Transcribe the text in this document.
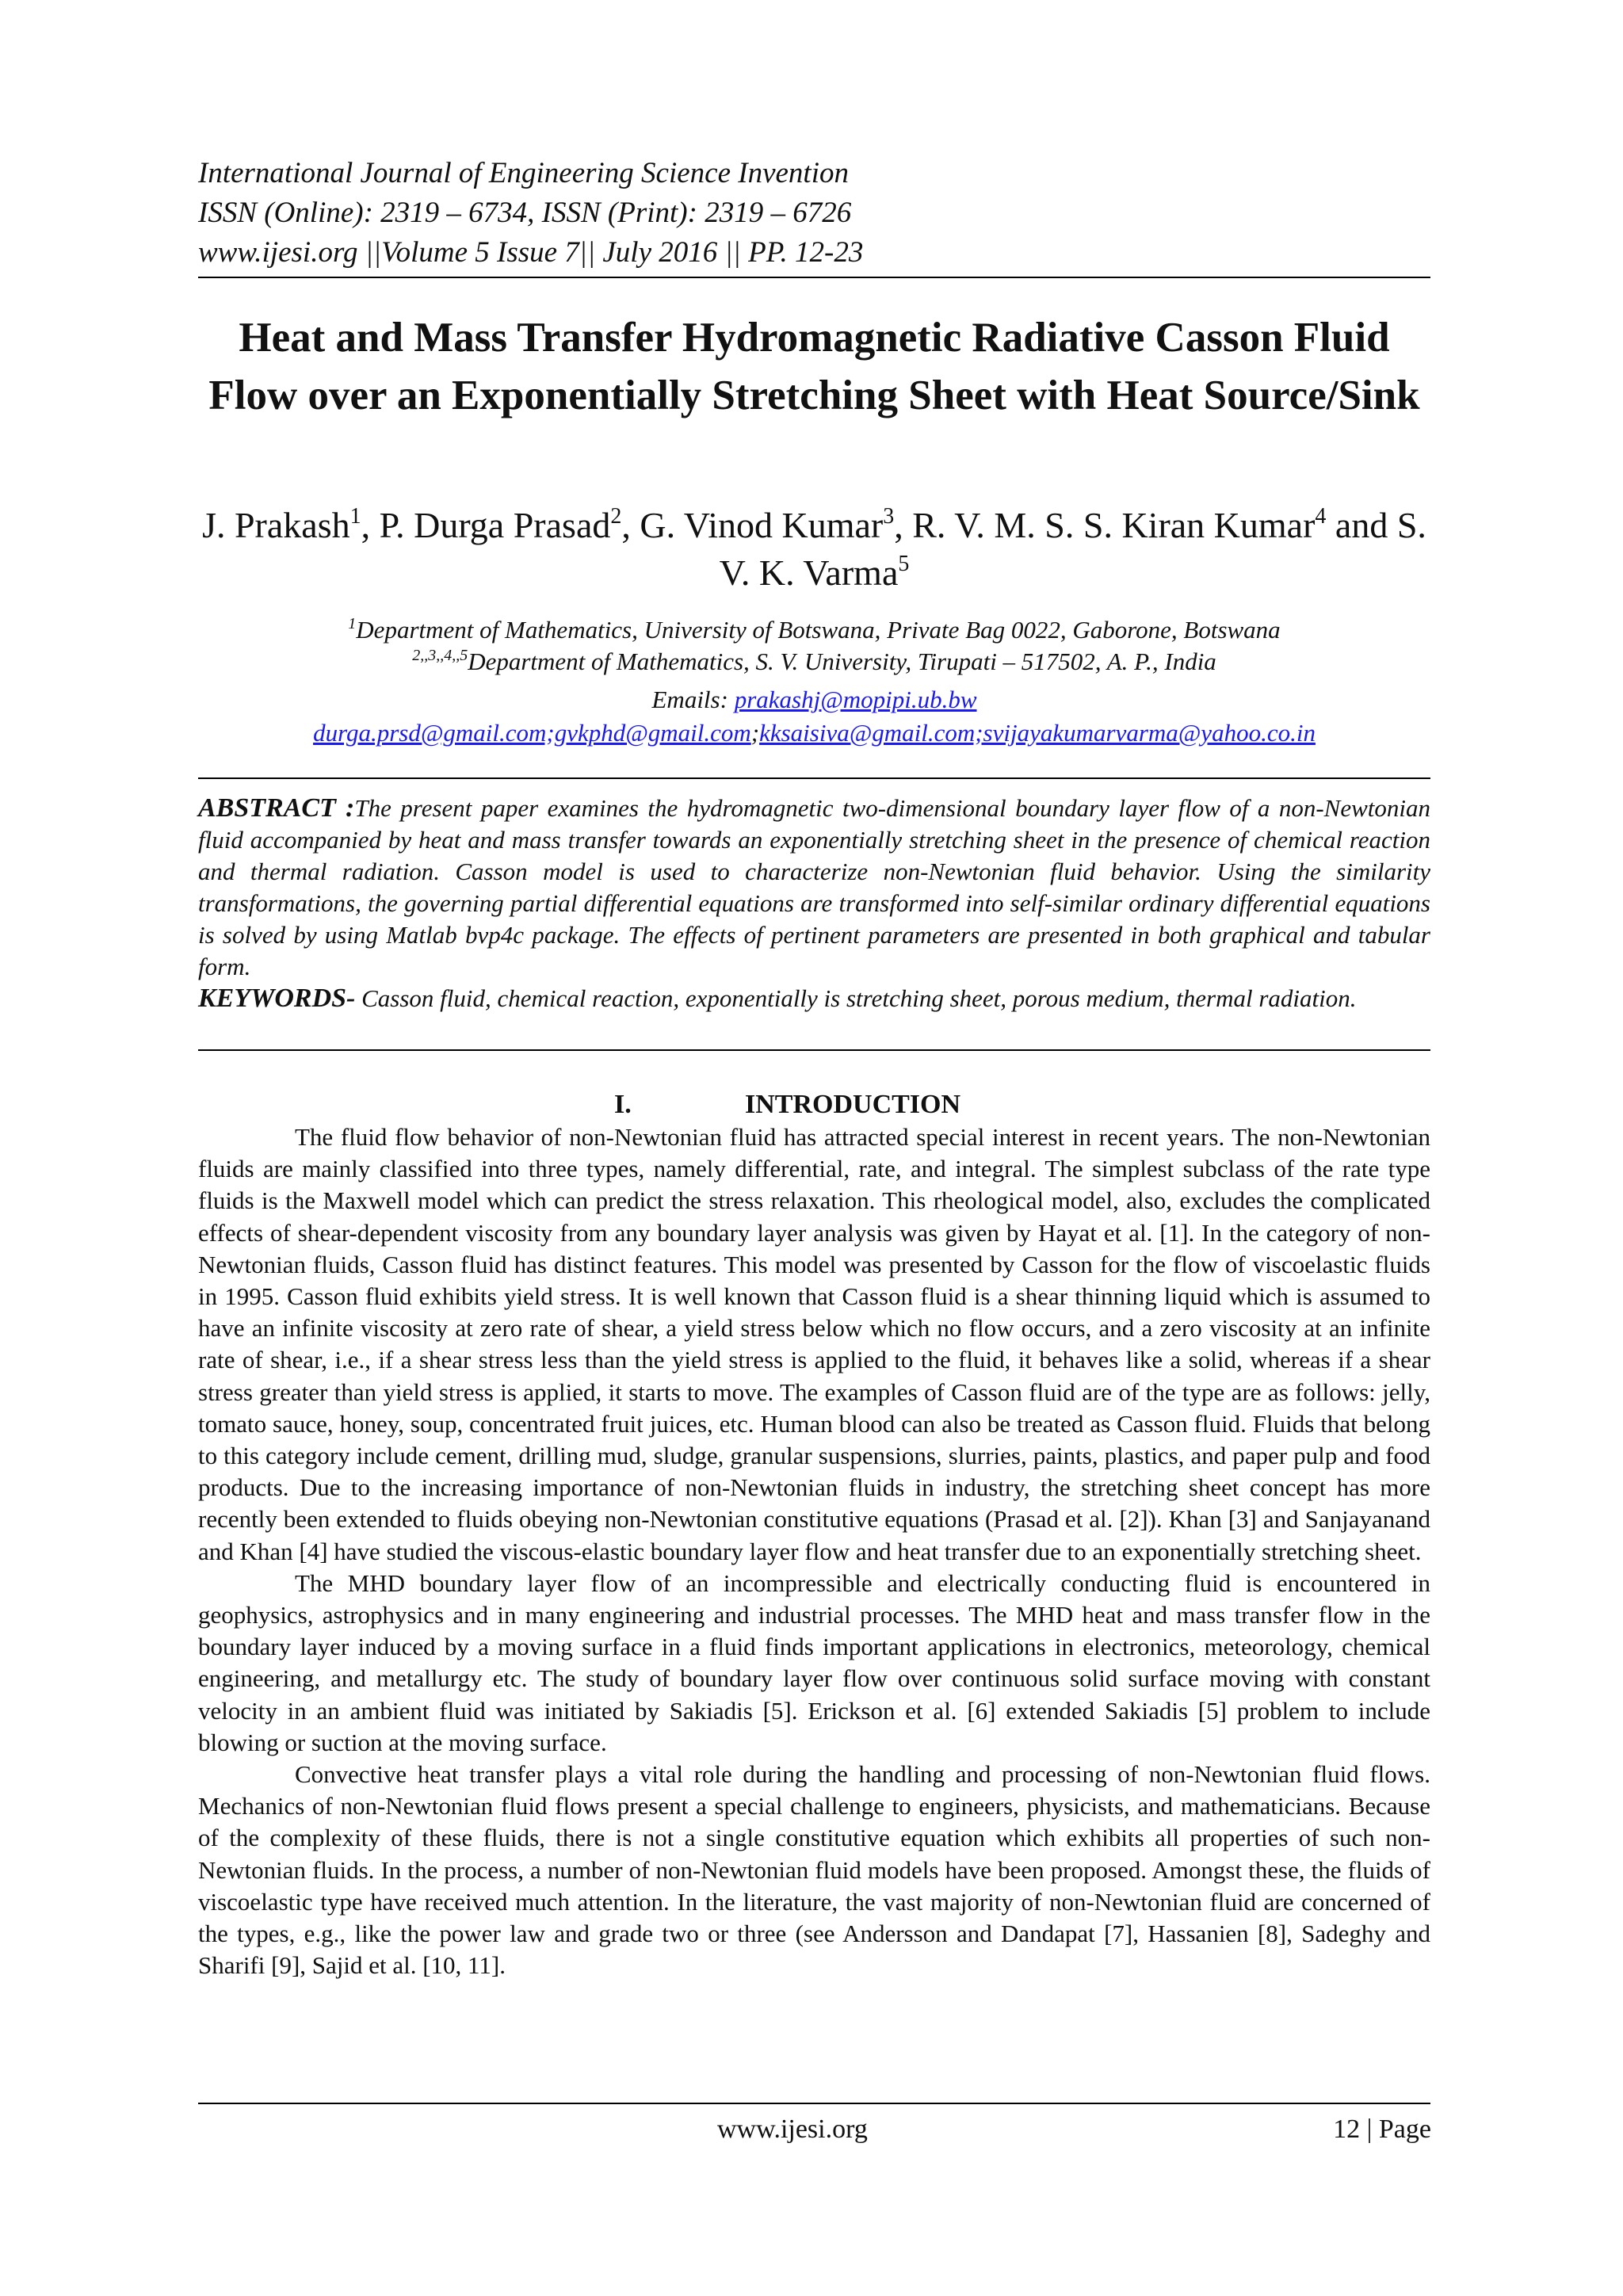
International Journal of Engineering Science Invention
ISSN (Online): 2319 – 6734, ISSN (Print): 2319 – 6726
www.ijesi.org ||Volume 5 Issue 7|| July 2016 || PP. 12-23
Heat and Mass Transfer Hydromagnetic Radiative Casson Fluid Flow over an Exponentially Stretching Sheet with Heat Source/Sink
J. Prakash$^1$, P. Durga Prasad$^2$, G. Vinod Kumar$^3$, R. V. M. S. S. Kiran Kumar$^4$ and S. V. K. Varma$^5$
$^1$Department of Mathematics, University of Botswana, Private Bag 0022, Gaborone, Botswana
$^{2,,3,,4,,5}$Department of Mathematics, S. V. University, Tirupati – 517502, A. P., India
Emails: prakashj@mopipi.ub.bw
durga.prsd@gmail.com;gvkphd@gmail.com;kksaisiva@gmail.com;svijayakumarvarma@yahoo.co.in

ABSTRACT :The present paper examines the hydromagnetic two-dimensional boundary layer flow of a non-Newtonian fluid accompanied by heat and mass transfer towards an exponentially stretching sheet in the presence of chemical reaction and thermal radiation. Casson model is used to characterize non-Newtonian fluid behavior. Using the similarity transformations, the governing partial differential equations are transformed into self-similar ordinary differential equations is solved by using Matlab bvp4c package. The effects of pertinent parameters are presented in both graphical and tabular form.

KEYWORDS- Casson fluid, chemical reaction, exponentially is stretching sheet, porous medium, thermal radiation.

I.	INTRODUCTION

The fluid flow behavior of non-Newtonian fluid has attracted special interest in recent years. The non-Newtonian fluids are mainly classified into three types, namely differential, rate, and integral. The simplest subclass of the rate type fluids is the Maxwell model which can predict the stress relaxation. This rheological model, also, excludes the complicated effects of shear-dependent viscosity from any boundary layer analysis was given by Hayat et al. [1]. In the category of non-Newtonian fluids, Casson fluid has distinct features. This model was presented by Casson for the flow of viscoelastic fluids in 1995. Casson fluid exhibits yield stress. It is well known that Casson fluid is a shear thinning liquid which is assumed to have an infinite viscosity at zero rate of shear, a yield stress below which no flow occurs, and a zero viscosity at an infinite rate of shear, i.e., if a shear stress less than the yield stress is applied to the fluid, it behaves like a solid, whereas if a shear stress greater than yield stress is applied, it starts to move. The examples of Casson fluid are of the type are as follows: jelly, tomato sauce, honey, soup, concentrated fruit juices, etc. Human blood can also be treated as Casson fluid. Fluids that belong to this category include cement, drilling mud, sludge, granular suspensions, slurries, paints, plastics, and paper pulp and food products. Due to the increasing importance of non-Newtonian fluids in industry, the stretching sheet concept has more recently been extended to fluids obeying non-Newtonian constitutive equations (Prasad et al. [2]). Khan [3] and Sanjayanand and Khan [4] have studied the viscous-elastic boundary layer flow and heat transfer due to an exponentially stretching sheet.

The MHD boundary layer flow of an incompressible and electrically conducting fluid is encountered in geophysics, astrophysics and in many engineering and industrial processes. The MHD heat and mass transfer flow in the boundary layer induced by a moving surface in a fluid finds important applications in electronics, meteorology, chemical engineering, and metallurgy etc. The study of boundary layer flow over continuous solid surface moving with constant velocity in an ambient fluid was initiated by Sakiadis [5]. Erickson et al. [6] extended Sakiadis [5] problem to include blowing or suction at the moving surface.

Convective heat transfer plays a vital role during the handling and processing of non-Newtonian fluid flows. Mechanics of non-Newtonian fluid flows present a special challenge to engineers, physicists, and mathematicians. Because of the complexity of these fluids, there is not a single constitutive equation which exhibits all properties of such non-Newtonian fluids. In the process, a number of non-Newtonian fluid models have been proposed. Amongst these, the fluids of viscoelastic type have received much attention. In the literature, the vast majority of non-Newtonian fluid are concerned of the types, e.g., like the power law and grade two or three (see Andersson and Dandapat [7], Hassanien [8], Sadeghy and Sharifi [9], Sajid et al. [10, 11].

www.ijesi.org	12 | Page
